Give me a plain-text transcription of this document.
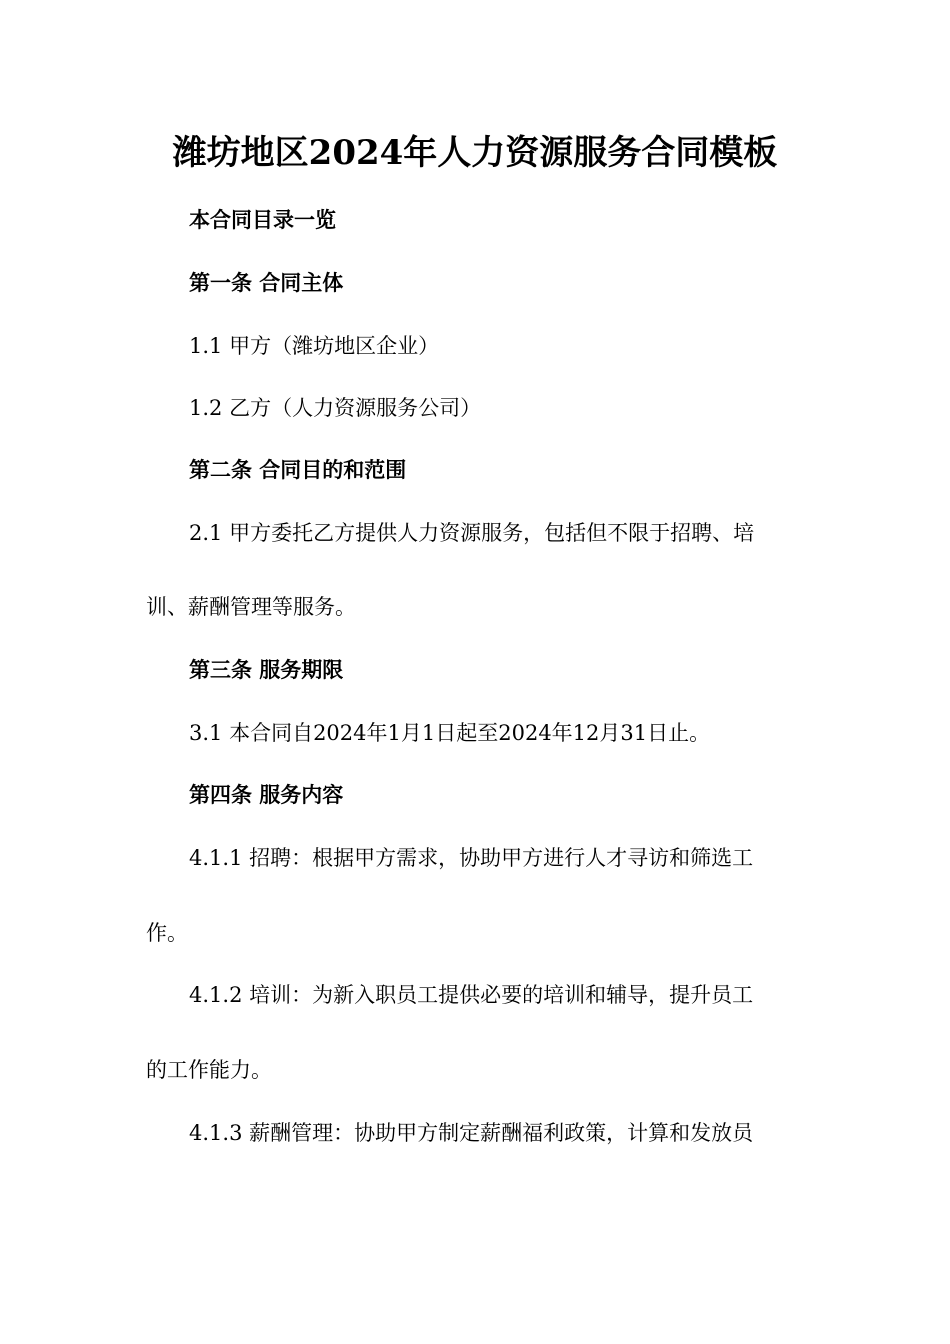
潍坊地区2024年人力资源服务合同模板
本合同目录一览
第一条 合同主体
1.1 甲方（潍坊地区企业）
1.2 乙方（人力资源服务公司）
第二条 合同目的和范围
2.1 甲方委托乙方提供人力资源服务，包括但不限于招聘、培
训、薪酬管理等服务。
第三条 服务期限
3.1 本合同自2024年1月1日起至2024年12月31日止。
第四条 服务内容
4.1.1 招聘：根据甲方需求，协助甲方进行人才寻访和筛选工
作。
4.1.2 培训：为新入职员工提供必要的培训和辅导，提升员工
的工作能力。
4.1.3 薪酬管理：协助甲方制定薪酬福利政策，计算和发放员
